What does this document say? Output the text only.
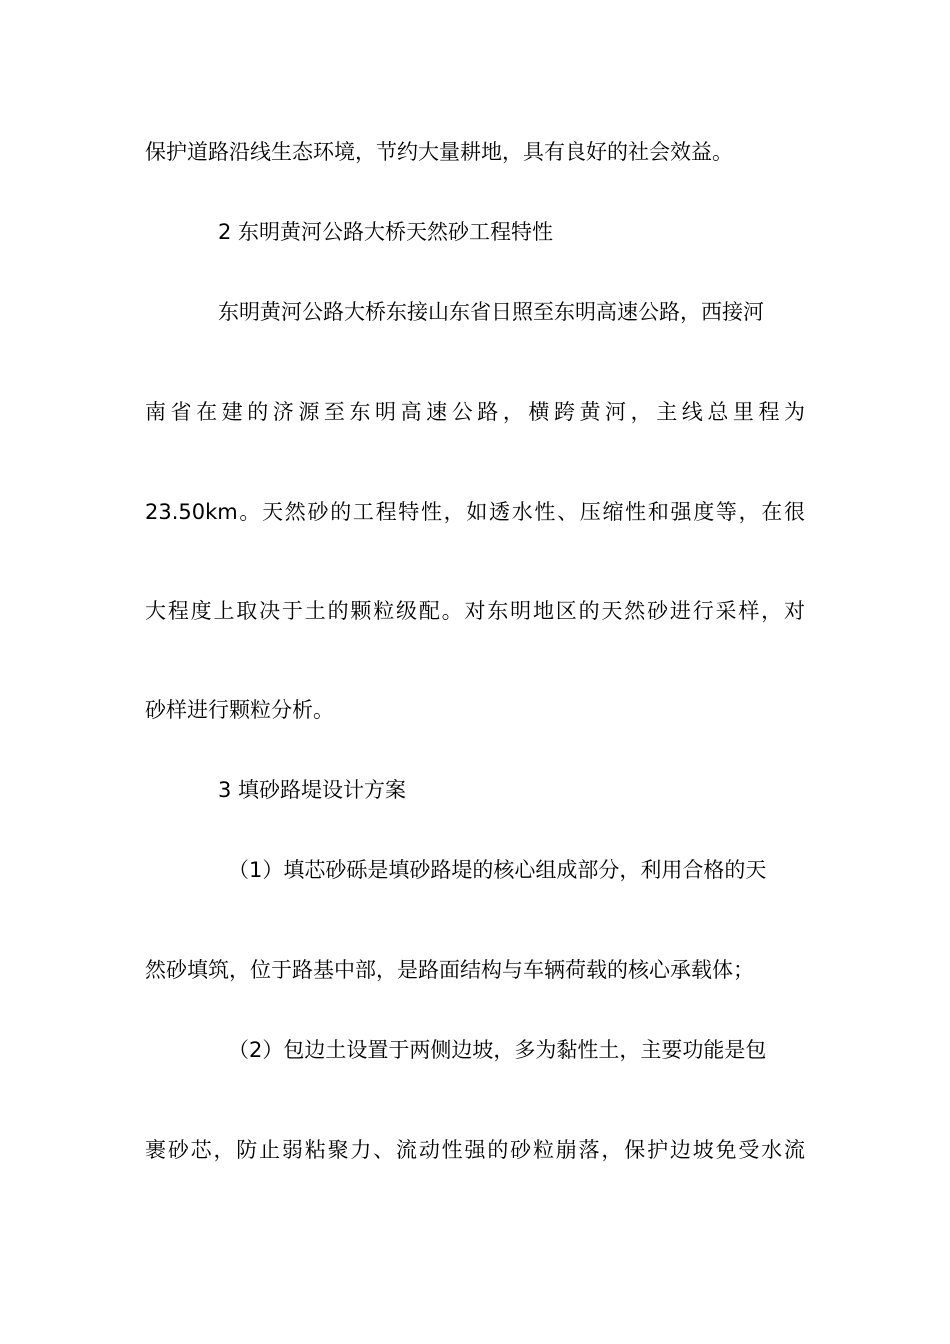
保护道路沿线生态环境，节约大量耕地，具有良好的社会效益。
2 东明黄河公路大桥天然砂工程特性
东明黄河公路大桥东接山东省日照至东明高速公路，西接河
南省在建的济源至东明高速公路，横跨黄河，主线总里程为
23.50km。天然砂的工程特性，如透水性、压缩性和强度等，在很
大程度上取决于土的颗粒级配。对东明地区的天然砂进行采样，对
砂样进行颗粒分析。
3 填砂路堤设计方案
（1）填芯砂砾是填砂路堤的核心组成部分，利用合格的天
然砂填筑，位于路基中部，是路面结构与车辆荷载的核心承载体；
（2）包边土设置于两侧边坡，多为黏性土，主要功能是包
裹砂芯，防止弱粘聚力、流动性强的砂粒崩落，保护边坡免受水流
